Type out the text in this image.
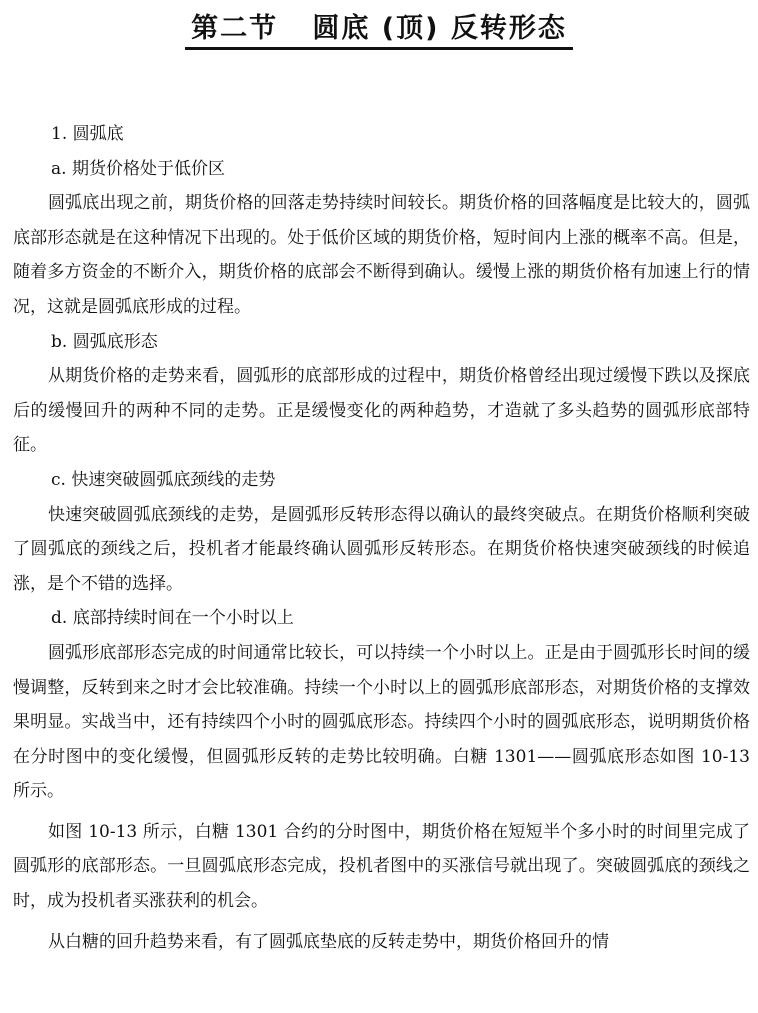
第二节   圆底 (顶) 反转形态

1. 圆弧底

a. 期货价格处于低价区

圆弧底出现之前，期货价格的回落走势持续时间较长。期货价格的回落幅度是比较大的，圆弧底部形态就是在这种情况下出现的。处于低价区域的期货价格，短时间内上涨的概率不高。但是，随着多方资金的不断介入，期货价格的底部会不断得到确认。缓慢上涨的期货价格有加速上行的情况，这就是圆弧底形成的过程。

b. 圆弧底形态

从期货价格的走势来看，圆弧形的底部形成的过程中，期货价格曾经出现过缓慢下跌以及探底后的缓慢回升的两种不同的走势。正是缓慢变化的两种趋势，才造就了多头趋势的圆弧形底部特征。

c. 快速突破圆弧底颈线的走势

快速突破圆弧底颈线的走势，是圆弧形反转形态得以确认的最终突破点。在期货价格顺利突破了圆弧底的颈线之后，投机者才能最终确认圆弧形反转形态。在期货价格快速突破颈线的时候追涨，是个不错的选择。

d. 底部持续时间在一个小时以上

圆弧形底部形态完成的时间通常比较长，可以持续一个小时以上。正是由于圆弧形长时间的缓慢调整，反转到来之时才会比较准确。持续一个小时以上的圆弧形底部形态，对期货价格的支撑效果明显。实战当中，还有持续四个小时的圆弧底形态。持续四个小时的圆弧底形态，说明期货价格在分时图中的变化缓慢，但圆弧形反转的走势比较明确。白糖 1301——圆弧底形态如图 10-13 所示。

如图 10-13 所示，白糖 1301 合约的分时图中，期货价格在短短半个多小时的时间里完成了圆弧形的底部形态。一旦圆弧底形态完成，投机者图中的买涨信号就出现了。突破圆弧底的颈线之时，成为投机者买涨获利的机会。

从白糖的回升趋势来看，有了圆弧底垫底的反转走势中，期货价格回升的情
